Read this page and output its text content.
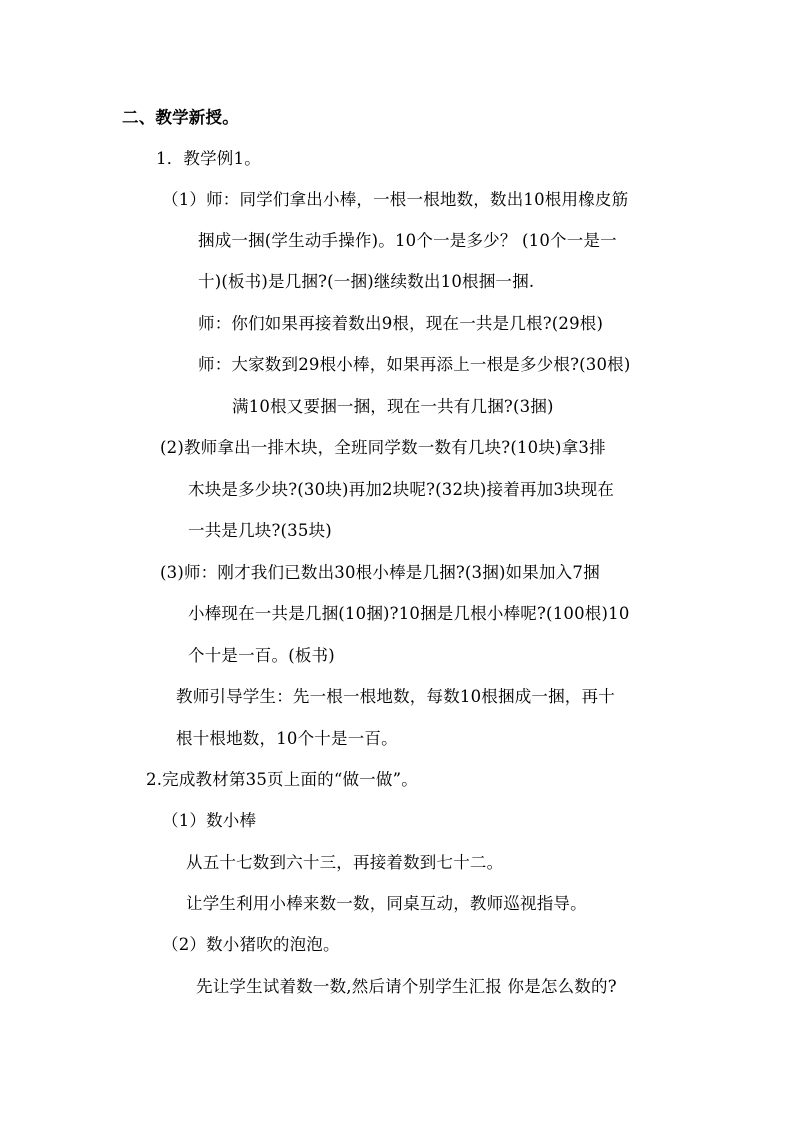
二、教学新授。
1．教学例1。
（1）师：同学们拿出小棒，一根一根地数，数出10根用橡皮筋
捆成一捆(学生动手操作)。10个一是多少？ (10个一是一
十)(板书)是几捆?(一捆)继续数出10根捆一捆.
师：你们如果再接着数出9根，现在一共是几根?(29根)
师：大家数到29根小棒，如果再添上一根是多少根?(30根)
满10根又要捆一捆，现在一共有几捆?(3捆)
(2)教师拿出一排木块，全班同学数一数有几块?(10块)拿3排
木块是多少块?(30块)再加2块呢?(32块)接着再加3块现在
一共是几块?(35块)
(3)师：刚才我们已数出30根小棒是几捆?(3捆)如果加入7捆
小棒现在一共是几捆(10捆)?10捆是几根小棒呢?(100根)10
个十是一百。(板书)
教师引导学生：先一根一根地数，每数10根捆成一捆，再十
根十根地数，10个十是一百。
2.完成教材第35页上面的“做一做”。
（1）数小棒
从五十七数到六十三，再接着数到七十二。
让学生利用小棒来数一数，同桌互动，教师巡视指导。
（2）数小猪吹的泡泡。
先让学生试着数一数,然后请个别学生汇报 你是怎么数的?
